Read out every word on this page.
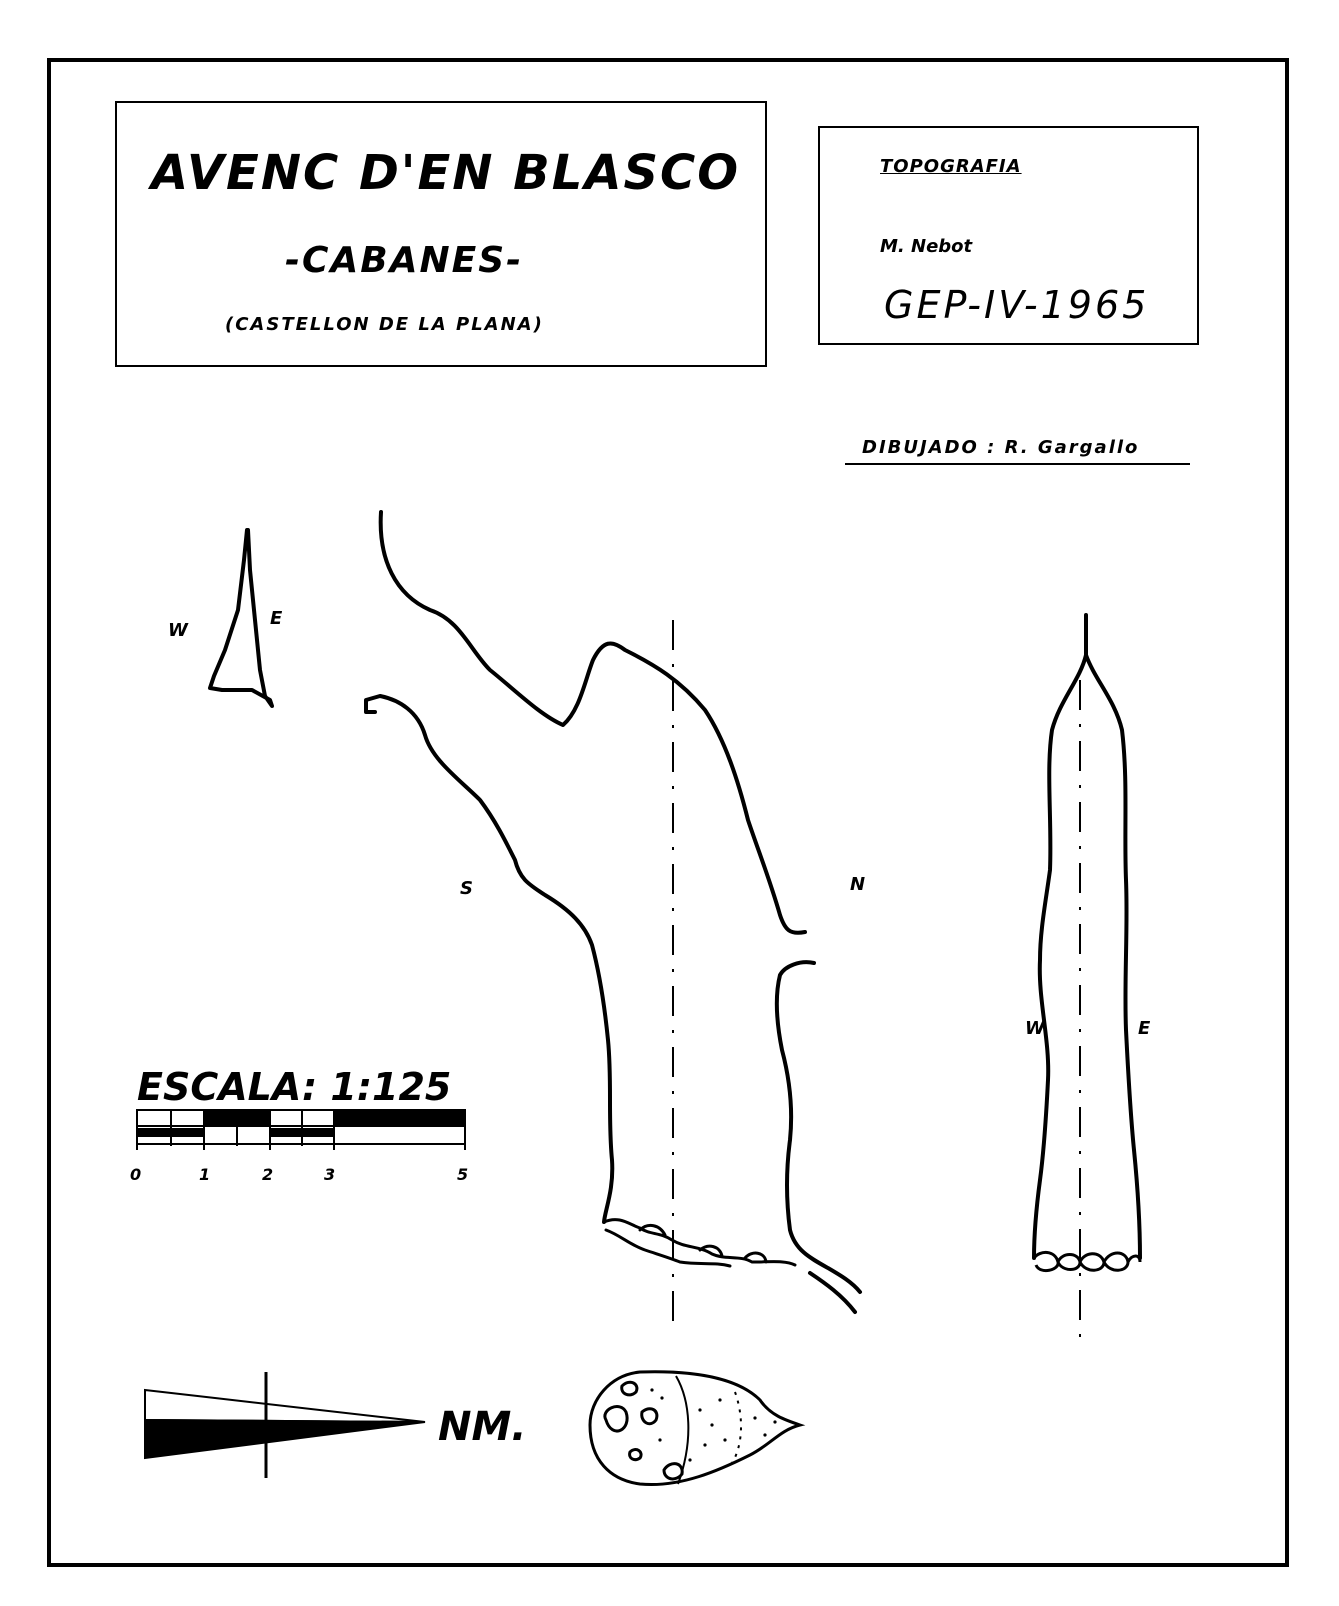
AVENC D'EN BLASCO
-CABANES-
(CASTELLON DE LA PLANA)
TOPOGRAFIA
M. Nebot
GEP-IV-1965
DIBUJADO : R. Gargallo
W
E
S	N
W	E
ESCALA: 1:125
0	1	2	3	5
NM.
